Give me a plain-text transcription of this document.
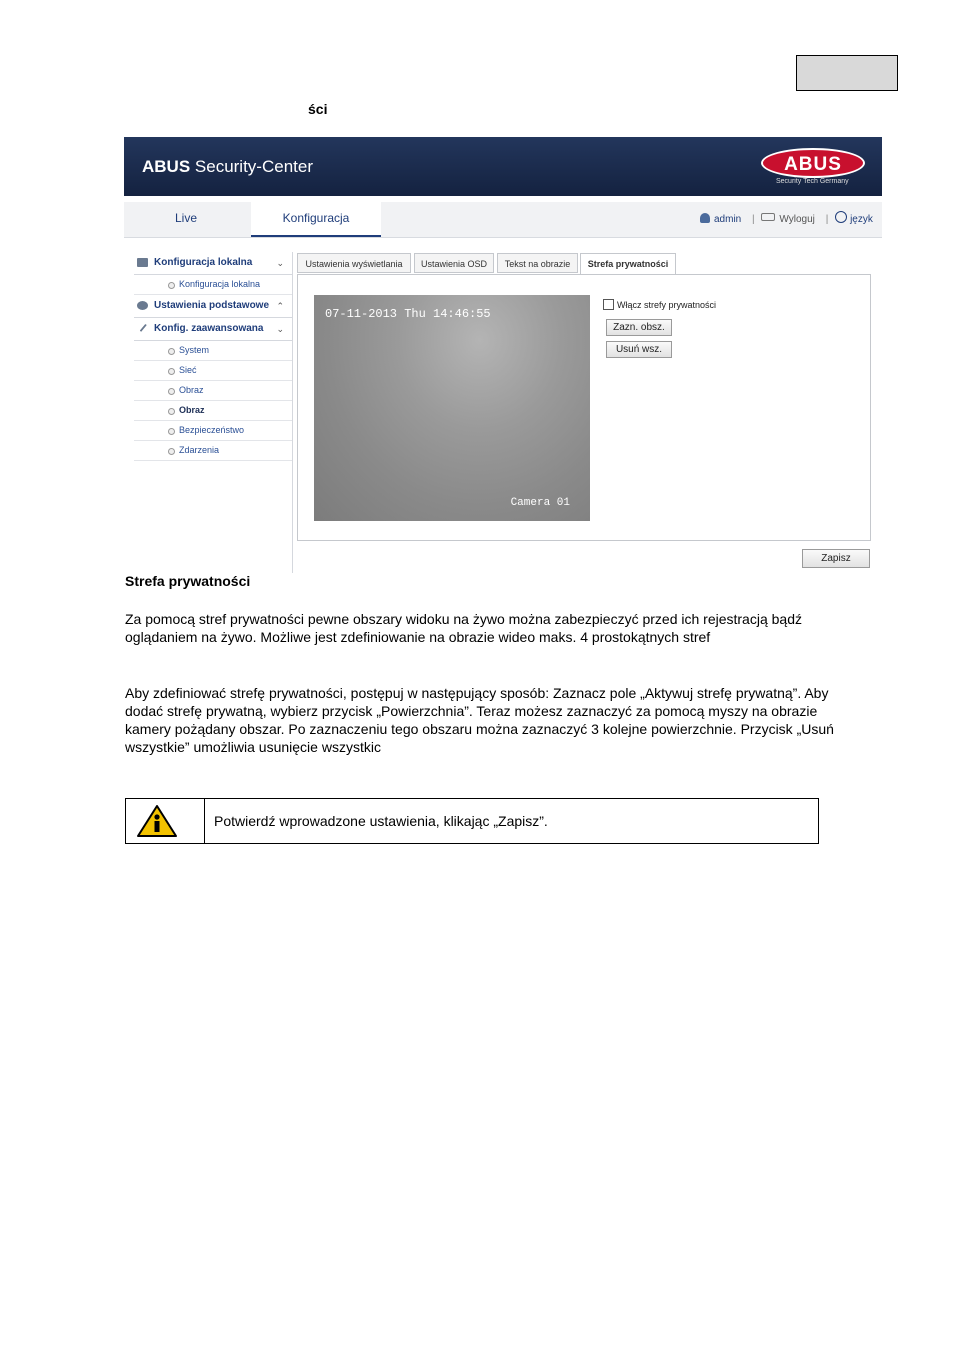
ści
ABUS Security-Center	ABUS
Security Tech Germany
Live	Konfiguracja	admin | Wyloguj | język
Konfiguracja lokalna	⌄
Konfiguracja lokalna
Ustawienia podstawowe ⌃
Konfig. zaawansowana ⌄
System
Sieć
Obraz
Obraz
Bezpieczeństwo
Zdarzenia
Ustawienia wyświetlania	Ustawienia OSD	Tekst na obrazie	Strefa prywatności
07-11-2013 Thu 14:46:55
Camera 01
Włącz strefy prywatności
Zazn. obsz.
Usuń wsz.
Zapisz
Strefa prywatności
Za pomocą stref prywatności pewne obszary widoku na żywo można zabezpieczyć przed ich rejestracją bądź oglądaniem na żywo. Możliwe jest zdefiniowanie na obrazie wideo maks. 4 prostokątnych stref
Aby zdefiniować strefę prywatności, postępuj w następujący sposób: Zaznacz pole „Aktywuj strefę prywatną”. Aby dodać strefę prywatną, wybierz przycisk „Powierzchnia”. Teraz możesz zaznaczyć za pomocą myszy na obrazie kamery pożądany obszar. Po zaznaczeniu tego obszaru można zaznaczyć 3 kolejne powierzchnie. Przycisk „Usuń wszystkie” umożliwia usunięcie wszystkic
Potwierdź wprowadzone ustawienia, klikając „Zapisz”.
